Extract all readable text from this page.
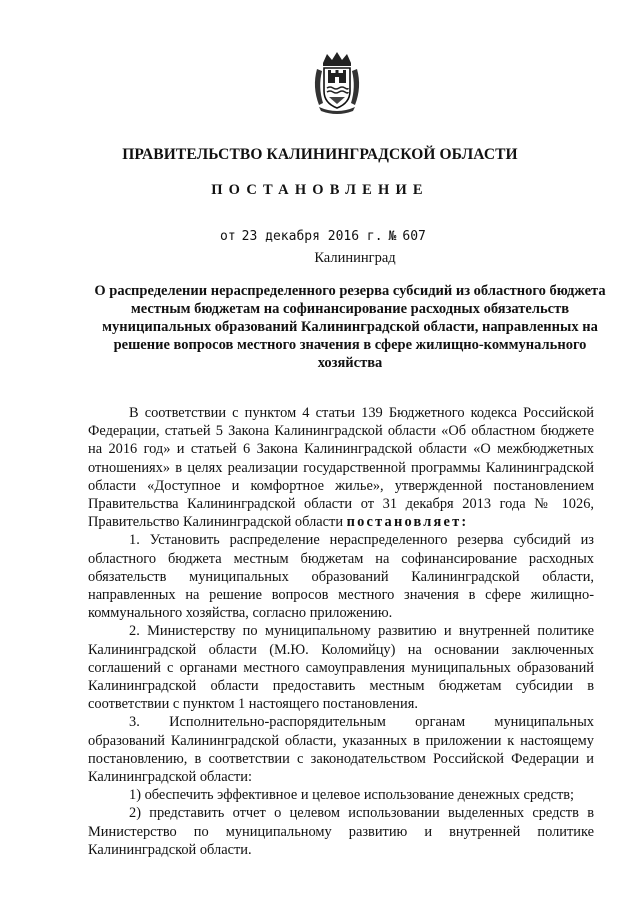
ПРАВИТЕЛЬСТВО КАЛИНИНГРАДСКОЙ ОБЛАСТИ
ПОСТАНОВЛЕНИЕ
от 23 декабря 2016 г. № 607
Калининград
О распределении нераспределенного резерва субсидий из областного бюджета местным бюджетам на софинансирование расходных обязательств муниципальных образований Калининградской области, направленных на решение вопросов местного значения в сфере жилищно-коммунального хозяйства

В соответствии с пунктом 4 статьи 139 Бюджетного кодекса Российской Федерации, статьей 5 Закона Калининградской области «Об областном бюджете на 2016 год» и статьей 6 Закона Калининградской области «О межбюджетных отношениях» в целях реализации государственной программы Калининградской области «Доступное и комфортное жилье», утвержденной постановлением Правительства Калининградской области от 31 декабря 2013 года № 1026, Правительство Калининградской области постановляет:

1. Установить распределение нераспределенного резерва субсидий из областного бюджета местным бюджетам на софинансирование расходных обязательств муниципальных образований Калининградской области, направленных на решение вопросов местного значения в сфере жилищно-коммунального хозяйства, согласно приложению.

2. Министерству по муниципальному развитию и внутренней политике Калининградской области (М.Ю. Коломийцу) на основании заключенных соглашений с органами местного самоуправления муниципальных образований Калининградской области предоставить местным бюджетам субсидии в соответствии с пунктом 1 настоящего постановления.

3. Исполнительно-распорядительным органам муниципальных образований Калининградской области, указанных в приложении к настоящему постановлению, в соответствии с законодательством Российской Федерации и Калининградской области:

1) обеспечить эффективное и целевое использование денежных средств;

2) представить отчет о целевом использовании выделенных средств в Министерство по муниципальному развитию и внутренней политике Калининградской области.
